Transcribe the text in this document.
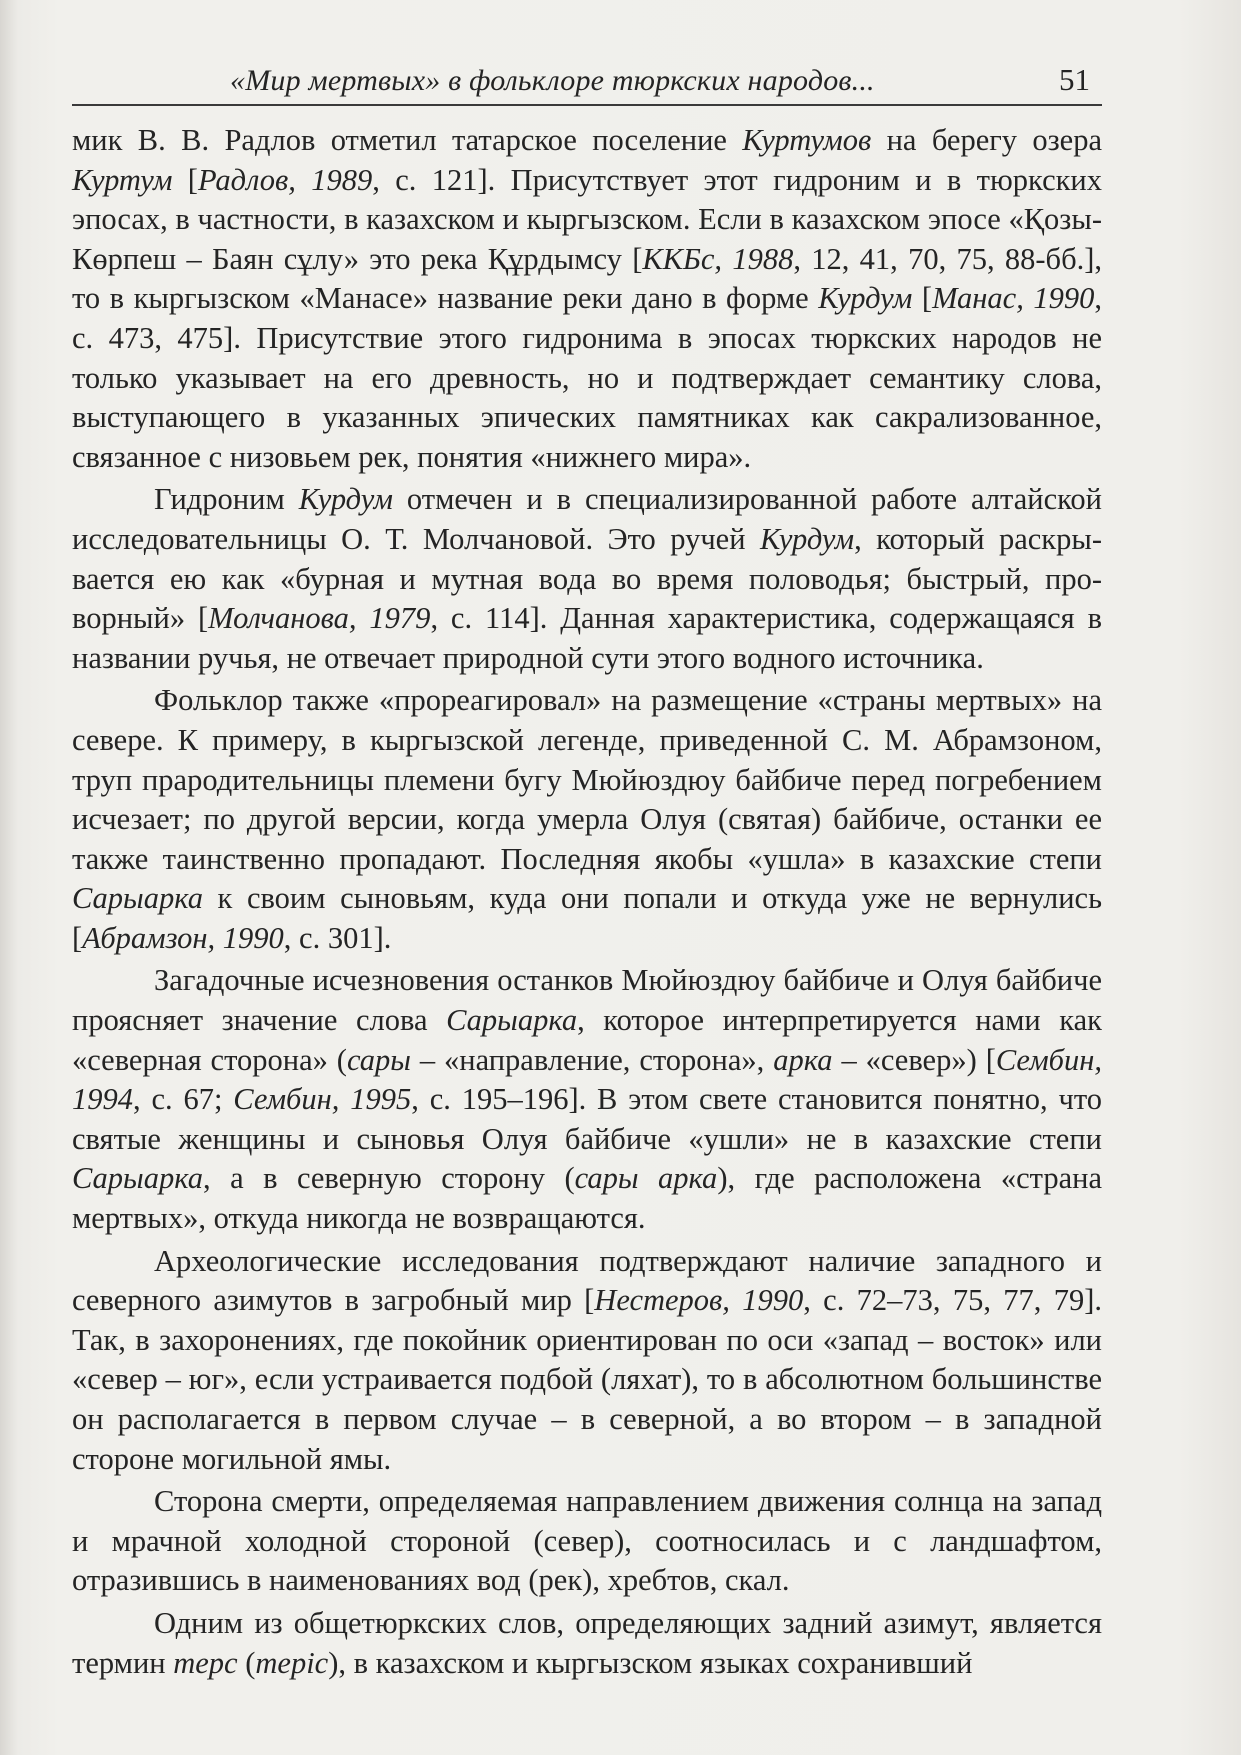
«Мир мертвых» в фольклоре тюркских народов...	51

мик В. В. Радлов отметил татарское поселение Куртумов на берегу озера Куртум [Радлов, 1989, с. 121]. Присутствует этот гидроним и в тюркских эпосах, в частности, в казахском и кыргызском. Если в казахском эпосе «Қозы-Көрпеш – Баян сұлу» это река Құрдымсу [ККБс, 1988, 12, 41, 70, 75, 88-бб.], то в кыргызском «Манасе» название реки дано в форме Курдум [Манас, 1990, с. 473, 475]. Присутствие этого гидронима в эпосах тюркских народов не только указывает на его древность, но и подтверждает семантику слова, выступающего в указанных эпических памятниках как сакрализованное, связанное с низовьем рек, понятия «нижнего мира».

Гидроним Курдум отмечен и в специализированной работе алтайской исследовательницы О. Т. Молчановой. Это ручей Курдум, который раскрывается ею как «бурная и мутная вода во время половодья; быстрый, проворный» [Молчанова, 1979, с. 114]. Данная характеристика, содержащаяся в названии ручья, не отвечает природной сути этого водного источника.

Фольклор также «прореагировал» на размещение «страны мертвых» на севере. К примеру, в кыргызской легенде, приведенной С. М. Абрамзоном, труп прародительницы племени бугу Мюйюздюу байбиче перед погребением исчезает; по другой версии, когда умерла Олуя (святая) байбиче, останки ее также таинственно пропадают. Последняя якобы «ушла» в казахские степи Сарыарка к своим сыновьям, куда они попали и откуда уже не вернулись [Абрамзон, 1990, с. 301].

Загадочные исчезновения останков Мюйюздюу байбиче и Олуя байбиче проясняет значение слова Сарыарка, которое интерпретируется нами как «северная сторона» (сары – «направление, сторона», арка – «север») [Сембин, 1994, с. 67; Сембин, 1995, с. 195–196]. В этом свете становится понятно, что святые женщины и сыновья Олуя байбиче «ушли» не в казахские степи Сарыарка, а в северную сторону (сары арка), где расположена «страна мертвых», откуда никогда не возвращаются.

Археологические исследования подтверждают наличие западного и северного азимутов в загробный мир [Нестеров, 1990, с. 72–73, 75, 77, 79]. Так, в захоронениях, где покойник ориентирован по оси «запад – восток» или «север – юг», если устраивается подбой (ляхат), то в абсолютном большинстве он располагается в первом случае – в северной, а во втором – в западной стороне могильной ямы.

Сторона смерти, определяемая направлением движения солнца на запад и мрачной холодной стороной (север), соотносилась и с ландшафтом, отразившись в наименованиях вод (рек), хребтов, скал.

Одним из общетюркских слов, определяющих задний азимут, является термин терс (теріс), в казахском и кыргызском языках сохранивший
